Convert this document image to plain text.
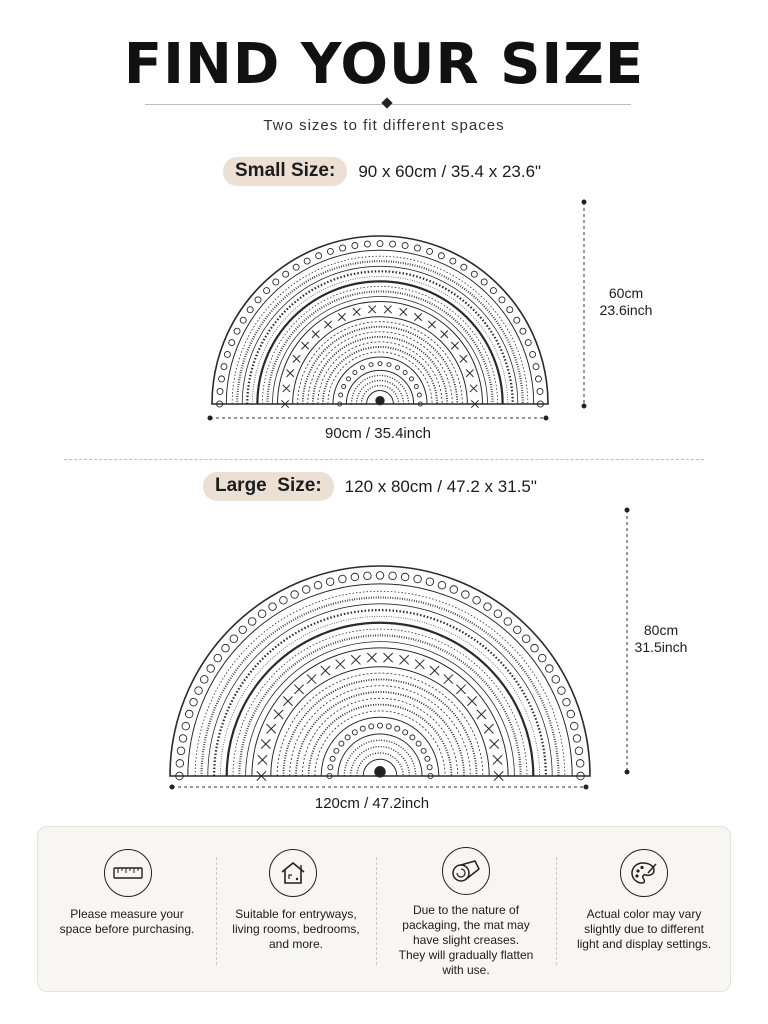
FIND YOUR SIZE
Two sizes to fit different spaces
Small Size:	90 x 60cm / 35.4 x 23.6"
90cm / 35.4inch
60cm
23.6inch
Large  Size:	120 x 80cm / 47.2 x 31.5"
120cm / 47.2inch
80cm
31.5inch
Please measure your
space before purchasing.
Suitable for entryways,
living rooms, bedrooms,
and more.
Due to the nature of
packaging, the mat may
have slight creases.
They will gradually flatten
with use.
Actual color may vary
slightly due to different
light and display settings.
